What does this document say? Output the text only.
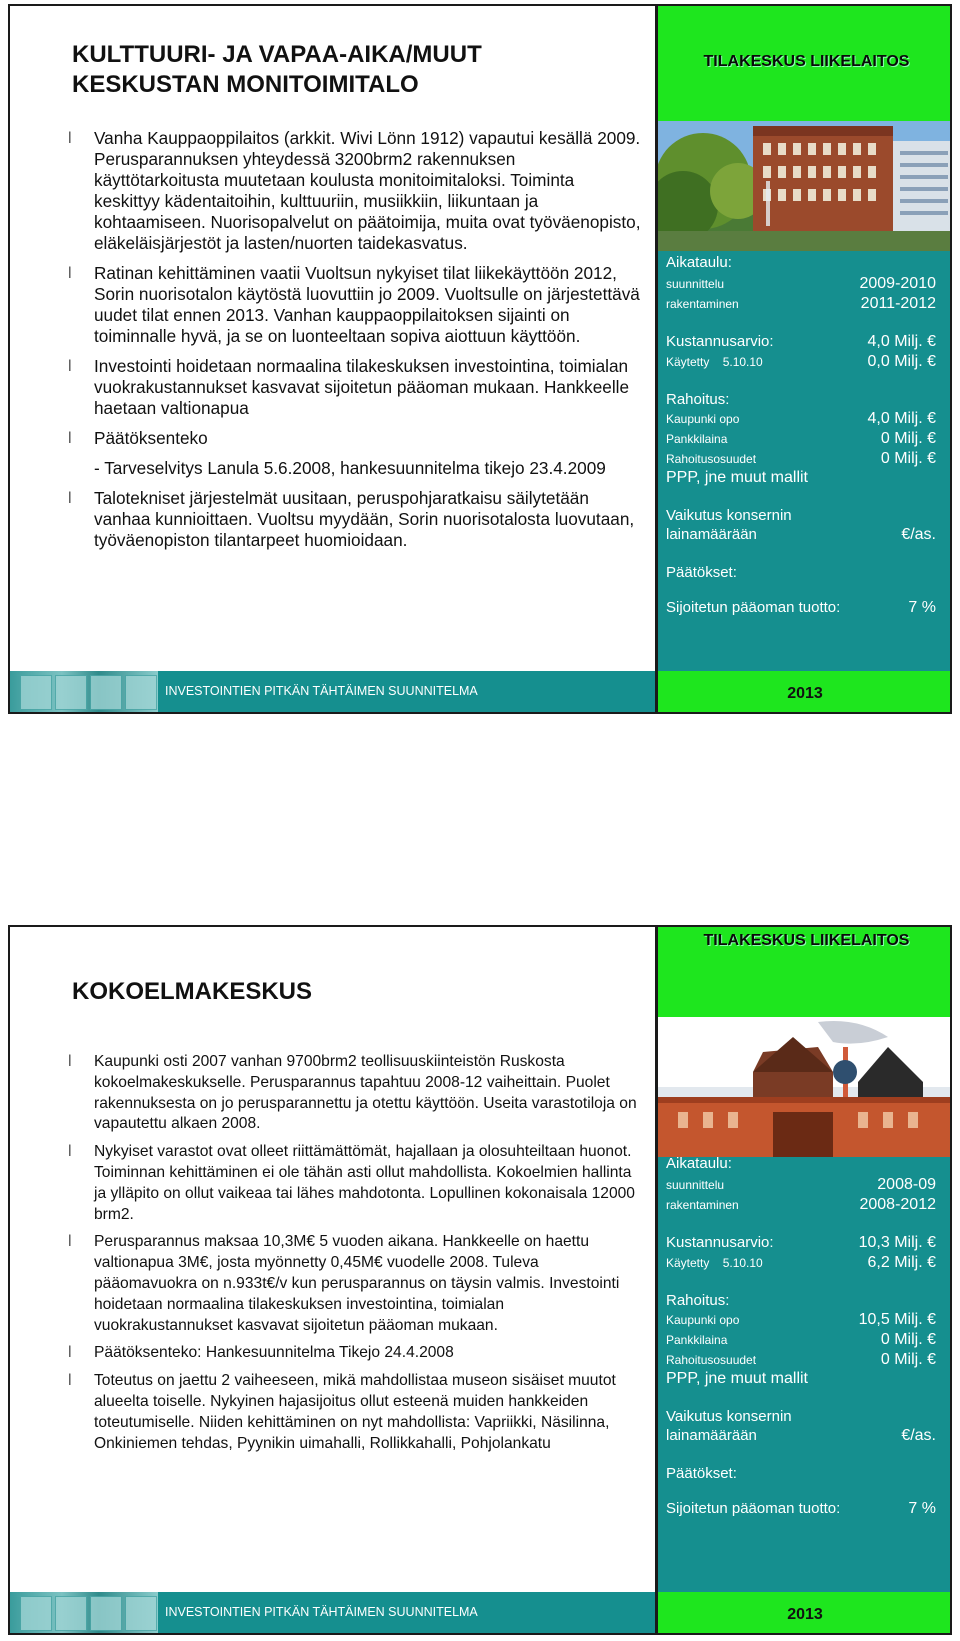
KULTTUURI- JA VAPAA-AIKA/MUUT KESKUSTAN MONITOIMITALO
l Vanha Kauppaoppilaitos (arkkit. Wivi Lönn 1912) vapautui kesällä 2009. Perusparannuksen yhteydessä 3200brm2 rakennuksen käyttötarkoitusta muutetaan koulusta monitoimitaloksi. Toiminta keskittyy kädentaitoihin, kulttuuriin, musiikkiin, liikuntaan ja kohtaamiseen. Nuorisopalvelut on päätoimija, muita ovat työväenopisto, eläkeläisjärjestöt ja lasten/nuorten taidekasvatus.
l Ratinan kehittäminen vaatii Vuoltsun nykyiset tilat liikekäyttöön 2012, Sorin nuorisotalon käytöstä luovuttiin jo 2009. Vuoltsulle on järjestettävä uudet tilat ennen 2013. Vanhan kauppaoppilaitoksen sijainti on toiminnalle hyvä, ja se on luonteeltaan sopiva aiottuun käyttöön.
l Investointi hoidetaan normaalina tilakeskuksen investointina, toimialan vuokrakustannukset kasvavat sijoitetun pääoman mukaan. Hankkeelle haetaan valtionapua
l Päätöksenteko
- Tarveselvitys Lanula 5.6.2008, hankesuunnitelma tikejo 23.4.2009
l Talotekniset järjestelmät uusitaan, peruspohjaratkaisu säilytetään vanhaa kunnioittaen. Vuoltsu myydään, Sorin nuorisotalosta luovutaan, työväenopiston tilantarpeet huomioidaan.
TILAKESKUS LIIKELAITOS
Aikataulu:
suunnittelu	2009-2010
rakentaminen	2011-2012
Kustannusarvio:	4,0 Milj. €
Käytetty    5.10.10	0,0 Milj. €
Rahoitus:
Kaupunki opo	4,0 Milj. €
Pankkilaina	0 Milj. €
Rahoitusosuudet	0 Milj. €
PPP, jne muut mallit
Vaikutus konsernin
lainamäärään	€/as.
Päätökset:
Sijoitetun pääoman tuotto:	7 %
INVESTOINTIEN PITKÄN TÄHTÄIMEN SUUNNITELMA	2013
KOKOELMAKESKUS
l Kaupunki osti 2007 vanhan 9700brm2 teollisuuskiinteistön Ruskosta kokoelmakeskukselle. Perusparannus tapahtuu 2008-12 vaiheittain. Puolet rakennuksesta on jo perusparannettu ja otettu käyttöön. Useita varastotiloja on vapautettu alkaen 2008.
l Nykyiset varastot ovat olleet riittämättömät, hajallaan ja olosuhteiltaan huonot. Toiminnan kehittäminen ei ole tähän asti ollut mahdollista. Kokoelmien hallinta ja ylläpito on ollut vaikeaa tai lähes mahdotonta. Lopullinen kokonaisala 12000 brm2.
l Perusparannus maksaa 10,3M€ 5 vuoden aikana. Hankkeelle on haettu valtionapua 3M€, josta myönnetty 0,45M€ vuodelle 2008. Tuleva pääomavuokra on n.933t€/v kun perusparannus on täysin valmis. Investointi hoidetaan normaalina tilakeskuksen investointina, toimialan vuokrakustannukset kasvavat sijoitetun pääoman mukaan.
l Päätöksenteko: Hankesuunnitelma Tikejo 24.4.2008
l Toteutus on jaettu 2 vaiheeseen, mikä mahdollistaa museon sisäiset muutot alueelta toiselle. Nykyinen hajasijoitus ollut esteenä muiden hankkeiden toteutumiselle. Niiden kehittäminen on nyt mahdollista: Vapriikki, Näsilinna, Onkiniemen tehdas, Pyynikin uimahalli, Rollikkahalli, Pohjolankatu
TILAKESKUS LIIKELAITOS
Aikataulu:
suunnittelu	2008-09
rakentaminen	2008-2012
Kustannusarvio:	10,3 Milj. €
Käytetty    5.10.10	6,2 Milj. €
Rahoitus:
Kaupunki opo	10,5 Milj. €
Pankkilaina	0 Milj. €
Rahoitusosuudet	0 Milj. €
PPP, jne muut mallit
Vaikutus konsernin
lainamäärään	€/as.
Päätökset:
Sijoitetun pääoman tuotto:	7 %
INVESTOINTIEN PITKÄN TÄHTÄIMEN SUUNNITELMA	2013
